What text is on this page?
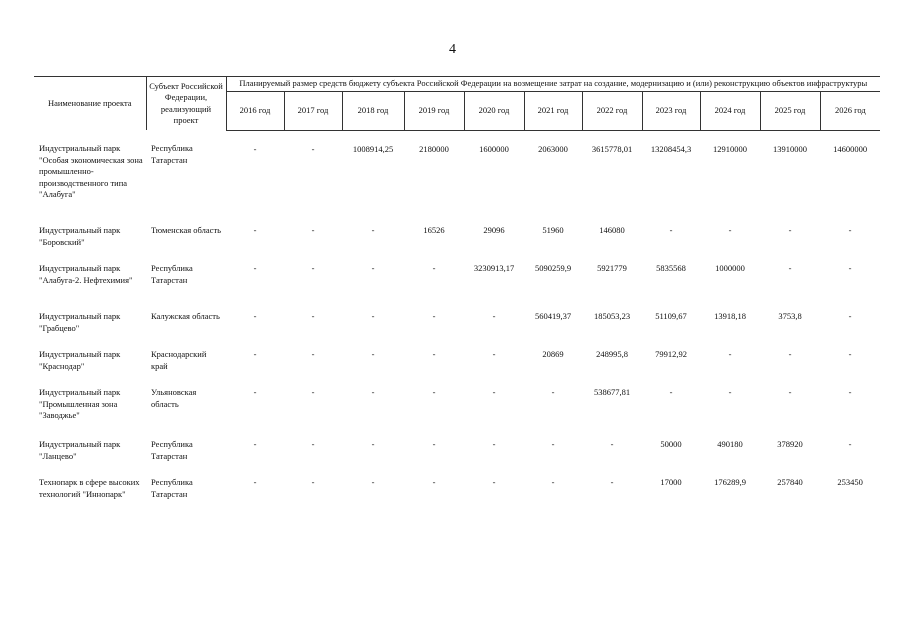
4
Наименование проекта	Субъект Российской Федерации, реализующий проект	Планируемый размер средств бюджету субъекта Российской Федерации на возмещение затрат на создание, модернизацию и (или) реконструкцию объектов инфраструктуры										
		2016 год	2017 год	2018 год	2019 год	2020 год	2021 год	2022 год	2023 год	2024 год	2025 год	2026 год
Индустриальный парк "Особая экономическая зона промышленно-производственного типа "Алабуга"	Республика Татарстан	-	-	1008914,25	2180000	1600000	2063000	3615778,01	13208454,3	12910000	13910000	14600000
Индустриальный парк "Боровский"	Тюменская область	-	-	-	16526	29096	51960	146080	-	-	-	-
Индустриальный парк "Алабуга-2. Нефтехимия"	Республика Татарстан	-	-	-	-	3230913,17	5090259,9	5921779	5835568	1000000	-	-
Индустриальный парк "Грабцево"	Калужская область	-	-	-	-	-	560419,37	185053,23	51109,67	13918,18	3753,8	-
Индустриальный парк "Краснодар"	Краснодарский край	-	-	-	-	-	20869	248995,8	79912,92	-	-	-
Индустриальный парк "Промышленная зона "Заводжье"	Ульяновская область	-	-	-	-	-	-	538677,81	-	-	-	-
Индустриальный парк "Ланцево"	Республика Татарстан	-	-	-	-	-	-	-	50000	490180	378920	-
Технопарк в сфере высоких технологий "Иннопарк"	Республика Татарстан	-	-	-	-	-	-	-	17000	176289,9	257840	253450
